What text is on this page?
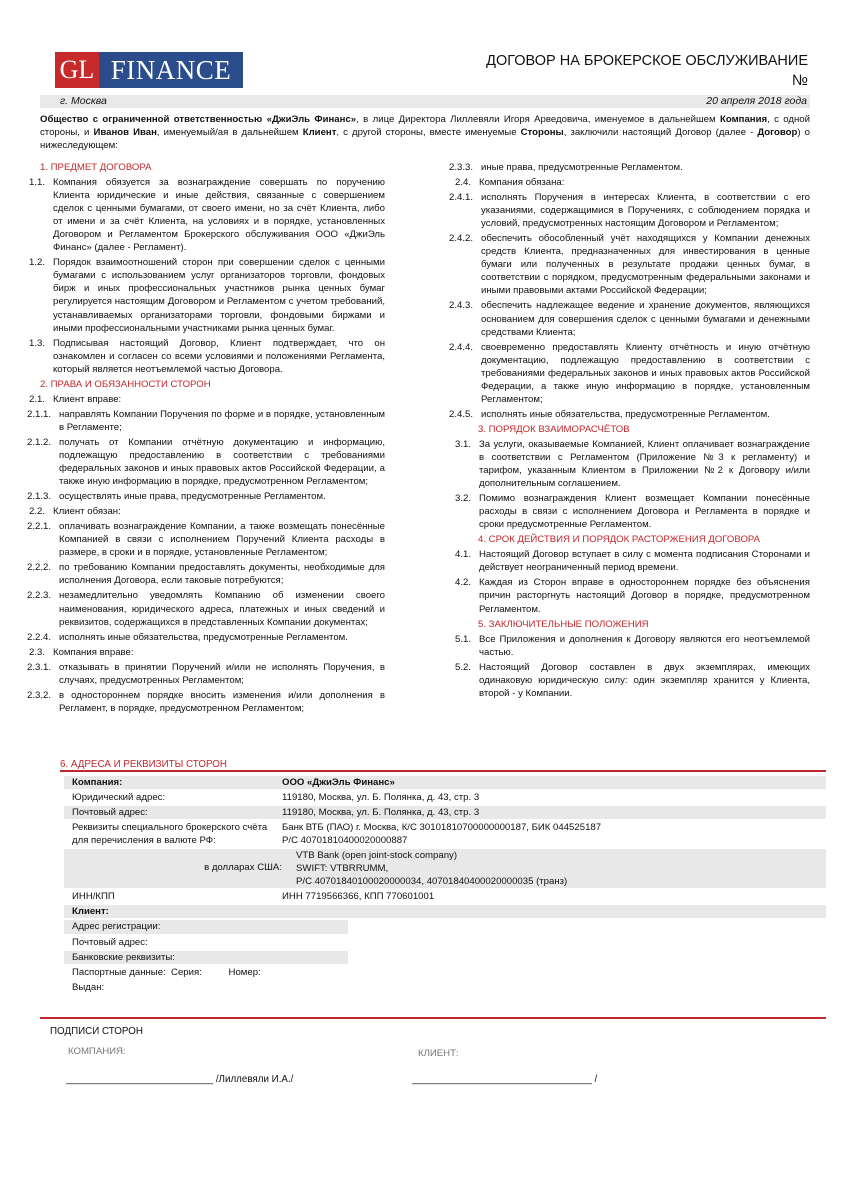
GL FINANCE	ДОГОВОР НА БРОКЕРСКОЕ ОБСЛУЖИВАНИЕ
№
г. Москва	20 апреля 2018 года
Общество с ограниченной ответственностью «ДжиЭль Финанс», в лице Директора Лиллевяли Игоря Арведовича, именуемое в дальнейшем Компания, с одной стороны, и Иванов Иван, именуемый/ая в дальнейшем Клиент, с другой стороны, вместе именуемые Стороны, заключили настоящий Договор (далее - Договор) о нижеследующем:
1. ПРЕДМЕТ ДОГОВОРА
1.1. Компания обязуется за вознаграждение совершать по поручению Клиента юридические и иные действия, связанные с совершением сделок с ценными бумагами, от своего имени, но за счёт Клиента, либо от имени и за счёт Клиента, на условиях и в порядке, установленных Договором и Регламентом Брокерского обслуживания ООО «ДжиЭль Финанс» (далее - Регламент).
1.2. Порядок взаимоотношений сторон при совершении сделок с ценными бумагами с использованием услуг организаторов торговли, фондовых бирж и иных профессиональных участников рынка ценных бумаг регулируется настоящим Договором и Регламентом с учетом требований, устанавливаемых организаторами торговли, фондовыми биржами и иными профессиональными участниками рынка ценных бумаг.
1.3. Подписывая настоящий Договор, Клиент подтверждает, что он ознакомлен и согласен со всеми условиями и положениями Регламента, который является неотъемлемой частью Договора.
2. ПРАВА И ОБЯЗАННОСТИ СТОРОН
2.1. Клиент вправе:
2.1.1. направлять Компании Поручения по форме и в порядке, установленным в Регламенте;
2.1.2. получать от Компании отчётную документацию и информацию, подлежащую предоставлению в соответствии с требованиями федеральных законов и иных правовых актов Российской Федерации, а также иную информацию в порядке, предусмотренном Регламентом;
2.1.3. осуществлять иные права, предусмотренные Регламентом.
2.2. Клиент обязан:
2.2.1. оплачивать вознаграждение Компании, а также возмещать понесённые Компанией в связи с исполнением Поручений Клиента расходы в размере, в сроки и в порядке, установленные Регламентом;
2.2.2. по требованию Компании предоставлять документы, необходимые для исполнения Договора, если таковые потребуются;
2.2.3. незамедлительно уведомлять Компанию об изменении своего наименования, юридического адреса, платежных и иных сведений и реквизитов, содержащихся в представленных Компании документах;
2.2.4. исполнять иные обязательства, предусмотренные Регламентом.
2.3. Компания вправе:
2.3.1. отказывать в принятии Поручений и/или не исполнять Поручения, в случаях, предусмотренных Регламентом;
2.3.2. в одностороннем порядке вносить изменения и/или дополнения в Регламент, в порядке, предусмотренном Регламентом;
2.3.3. иные права, предусмотренные Регламентом.
2.4. Компания обязана:
2.4.1. исполнять Поручения в интересах Клиента, в соответствии с его указаниями, содержащимися в Поручениях, с соблюдением порядка и условий, предусмотренных настоящим Договором и Регламентом;
2.4.2. обеспечить обособленный учёт находящихся у Компании денежных средств Клиента, предназначенных для инвестирования в ценные бумаги или полученных в результате продажи ценных бумаг, в соответствии с порядком, предусмотренным федеральными законами и иными правовыми актами Российской Федерации;
2.4.3. обеспечить надлежащее ведение и хранение документов, являющихся основанием для совершения сделок с ценными бумагами и денежными средствами Клиента;
2.4.4. своевременно предоставлять Клиенту отчётность и иную отчётную документацию, подлежащую предоставлению в соответствии с требованиями федеральных законов и иных правовых актов Российской Федерации, а также иную информацию в порядке, установленным Регламентом;
2.4.5. исполнять иные обязательства, предусмотренные Регламентом.
3. ПОРЯДОК ВЗАИМОРАСЧЁТОВ
3.1. За услуги, оказываемые Компанией, Клиент оплачивает вознаграждение в соответствии с Регламентом (Приложение №3 к регламенту) и тарифом, указанным Клиентом в Приложении №2 к Договору и/или дополнительным соглашением.
3.2. Помимо вознаграждения Клиент возмещает Компании понесённые расходы в связи с исполнением Договора и Регламента в порядке и сроки предусмотренные Регламентом.
4. СРОК ДЕЙСТВИЯ И ПОРЯДОК РАСТОРЖЕНИЯ ДОГОВОРА
4.1. Настоящий Договор вступает в силу с момента подписания Сторонами и действует неограниченный период времени.
4.2. Каждая из Сторон вправе в одностороннем порядке без объяснения причин расторгнуть настоящий Договор в порядке, предусмотренном Регламентом.
5. ЗАКЛЮЧИТЕЛЬНЫЕ ПОЛОЖЕНИЯ
5.1. Все Приложения и дополнения к Договору являются его неотъемлемой частью.
5.2. Настоящий Договор составлен в двух экземплярах, имеющих одинаковую юридическую силу: один экземпляр хранится у Клиента, второй - у Компании.
6. АДРЕСА И РЕКВИЗИТЫ СТОРОН
Компания:	ООО «ДжиЭль Финанс»
Юридический адрес:	119180, Москва, ул. Б. Полянка, д. 43, стр. 3
Почтовый адрес:	119180, Москва, ул. Б. Полянка, д. 43, стр. 3
Реквизиты специального брокерского счёта
для перечисления в валюте РФ:
Банк ВТБ (ПАО) г. Москва, К/С 30101810700000000187, БИК 044525187
Р/С 40701810400020000887
в долларах США:
VTB Bank (open joint-stock company)
SWIFT: VTBRRUMM,
Р/С 40701840100020000034, 40701840400020000035 (транз)
ИНН/КПП	ИНН 7719566366, КПП 770601001
Клиент:
Адрес регистрации:
Почтовый адрес:
Банковские реквизиты:
Паспортные данные: Серия:	Номер:
Выдан:
ПОДПИСИ СТОРОН
КОМПАНИЯ:	КЛИЕНТ:
___________________________ /Лиллевяли И.А./	_________________________________ /
